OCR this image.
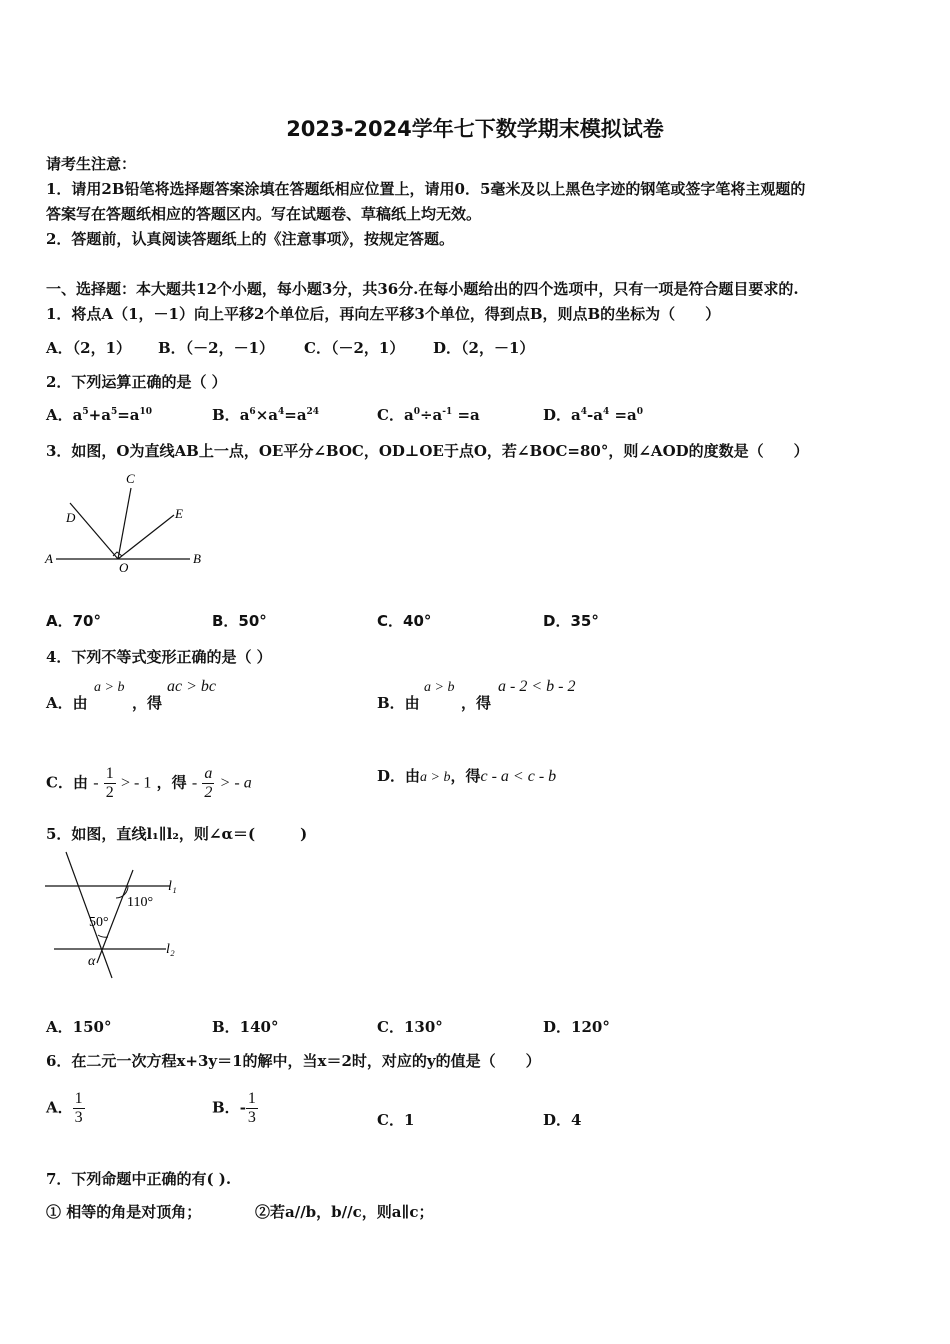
2023-2024学年七下数学期末模拟试卷
请考生注意：
1．请用2B铅笔将选择题答案涂填在答题纸相应位置上，请用0．5毫米及以上黑色字迹的钢笔或签字笔将主观题的
答案写在答题纸相应的答题区内。写在试题卷、草稿纸上均无效。
2．答题前，认真阅读答题纸上的《注意事项》，按规定答题。
一、选择题：本大题共12个小题，每小题3分，共36分.在每小题给出的四个选项中，只有一项是符合题目要求的.
1．将点A（1，－1）向上平移2个单位后，再向左平移3个单位，得到点B，则点B的坐标为（　　）
A．（2，1） B．（－2，－1） C．（－2，1） D．（2，－1）
2．下列运算正确的是（ ）
A．$a^5+a^5=a^{10}$	B．$a^6\times a^4=a^{24}$	C．$a^0\div a^{-1} =a$	D．$a^4-a^4 =a^0$
3．如图，O为直线AB上一点，OE平分∠BOC，OD⊥OE于点O，若∠BOC=80°，则∠AOD的度数是（　　）
A	B
C
D	E
O
A．70°	B．50°	C．40°	D．35°
4．下列不等式变形正确的是（ ）
A．由
a > b
，得
ac > bc
B．由
a > b
，得
a - 2 < b - 2
C．由 - $\frac{1}{2}$ > - 1 ，得 - $\frac{a}{2}$ > - a	D．由a > b，得c - a < c - b
5．如图，直线l₁∥l₂，则∠α＝(　　　)
l₁
l₂
110°
50°
α
A．150°	B．140°	C．130°	D．120°
6．在二元一次方程x+3y＝1的解中，当x＝2时，对应的y的值是（　　）
A． $\frac{1}{3}$	B．- $\frac{1}{3}$	C．1	D．4
7．下列命题中正确的有( ).
① 相等的角是对顶角；	②若a//b，b//c，则a∥c；
